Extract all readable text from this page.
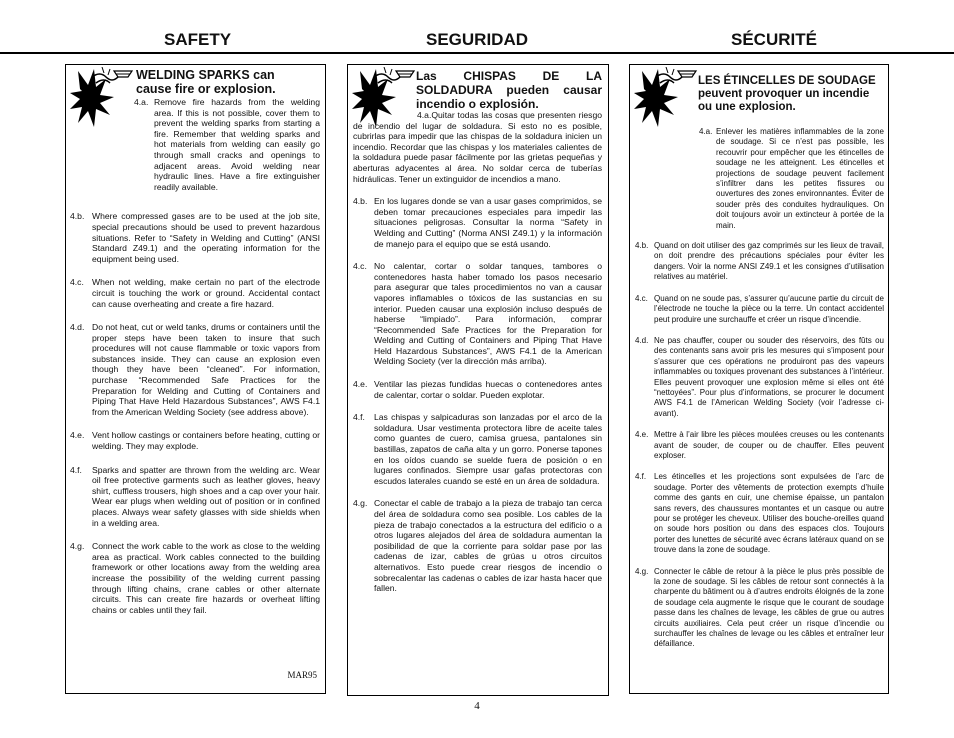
SAFETY	SEGURIDAD	SÉCURITÉ
WELDING SPARKS can cause fire or explosion.
4.a. Remove fire hazards from the welding area. If this is not possible, cover them to prevent the welding sparks from starting a fire. Remember that welding sparks and hot materials from welding can easily go through small cracks and openings to adjacent areas. Avoid welding near hydraulic lines. Have a fire extinguisher readily available.
4.b. Where compressed gases are to be used at the job site, special precautions should be used to prevent hazardous situations. Refer to “Safety in Welding and Cutting” (ANSI Standard Z49.1) and the operating information for the equipment being used.
4.c. When not welding, make certain no part of the electrode circuit is touching the work or ground. Accidental contact can cause overheating and create a fire hazard.
4.d. Do not heat, cut or weld tanks, drums or containers until the proper steps have been taken to insure that such procedures will not cause flammable or toxic vapors from substances inside. They can cause an explosion even though they have been “cleaned”. For information, purchase “Recommended Safe Practices for the Preparation for Welding and Cutting of Containers and Piping That Have Held Hazardous Substances”, AWS F4.1 from the American Welding Society (see address above).
4.e. Vent hollow castings or containers before heating, cutting or welding. They may explode.
4.f. Sparks and spatter are thrown from the welding arc. Wear oil free protective garments such as leather gloves, heavy shirt, cuffless trousers, high shoes and a cap over your hair. Wear ear plugs when welding out of position or in confined places. Always wear safety glasses with side shields when in a welding area.
4.g. Connect the work cable to the work as close to the welding area as practical. Work cables connected to the building framework or other locations away from the welding area increase the possibility of the welding current passing through lifting chains, crane cables or other alternate circuits. This can create fire hazards or overheat lifting chains or cables until they fail.
MAR95
Las CHISPAS DE LA SOLDADURA pueden causar incendio o explosión.
4.a.Quitar todas las cosas que presenten riesgo de incendio del lugar de soldadura. Si esto no es posible, cubrirlas para impedir que las chispas de la soldadura inicien un incendio. Recordar que las chispas y los materiales calientes de la soldadura puede pasar fácilmente por las grietas pequeñas y aberturas adyacentes al área. No soldar cerca de tuberías hidráulicas. Tener un extinguidor de incendios a mano.
4.b. En los lugares donde se van a usar gases comprimidos, se deben tomar precauciones especiales para impedir las situaciones peligrosas. Consultar la norma “Safety in Welding and Cutting” (Norma ANSI Z49.1) y la información de manejo para el equipo que se está usando.
4.c. No calentar, cortar o soldar tanques, tambores o contenedores hasta haber tomado los pasos necesario para asegurar que tales procedimientos no van a causar vapores inflamables o tóxicos de las sustancias en su interior. Pueden causar una explosión incluso después de haberse “limpiado”. Para información, comprar “Recommended Safe Practices for the Preparation for Welding and Cutting of Containers and Piping That Have Held Hazardous Substances”, AWS F4.1 de la American Welding Society (ver la dirección más arriba).
4.e. Ventilar las piezas fundidas huecas o contenedores antes de calentar, cortar o soldar. Pueden explotar.
4.f. Las chispas y salpicaduras son lanzadas por el arco de la soldadura. Usar vestimenta protectora libre de aceite tales como guantes de cuero, camisa gruesa, pantalones sin bastillas, zapatos de caña alta y un gorro. Ponerse tapones en los oídos cuando se suelde fuera de posición o en lugares confinados. Siempre usar gafas protectoras con escudos laterales cuando se esté en un área de soldadura.
4.g. Conectar el cable de trabajo a la pieza de trabajo tan cerca del área de soldadura como sea posible. Los cables de la pieza de trabajo conectados a la estructura del edificio o a otros lugares alejados del área de soldadura aumentan la posibilidad de que la corriente para soldar pase por las cadenas de izar, cables de grúas u otros circuitos alternativos. Esto puede crear riesgos de incendio o sobrecalentar las cadenas o cables de izar hasta hacer que fallen.
LES ÉTINCELLES DE SOUDAGE peuvent provoquer un incendie ou une explosion.
4.a. Enlever les matières inflammables de la zone de soudage. Si ce n’est pas possible, les recouvrir pour empêcher que les étincelles de soudage ne les atteignent. Les étincelles et projections de soudage peuvent facilement s’infiltrer dans les petites fissures ou ouvertures des zones environnantes. Éviter de souder près des conduites hydrauliques. On doit toujours avoir un extincteur à portée de la main.
4.b. Quand on doit utiliser des gaz comprimés sur les lieux de travail, on doit prendre des précautions spéciales pour éviter les dangers. Voir la norme ANSI Z49.1 et les consignes d’utilisation relatives au matériel.
4.c. Quand on ne soude pas, s’assurer qu’aucune partie du circuit de l’électrode ne touche la pièce ou la terre. Un contact accidentel peut produire une surchauffe et créer un risque d’incendie.
4.d. Ne pas chauffer, couper ou souder des réservoirs, des fûts ou des contenants sans avoir pris les mesures qui s’imposent pour s’assurer que ces opérations ne produiront pas des vapeurs inflammables ou toxiques provenant des substances à l’intérieur. Elles peuvent provoquer une explosion même si elles ont été “nettoyées”. Pour plus d’informations, se procurer le document AWS F4.1 de l’American Welding Society (voir l’adresse ci-avant).
4.e. Mettre à l’air libre les pièces moulées creuses ou les contenants avant de souder, de couper ou de chauffer. Elles peuvent exploser.
4.f. Les étincelles et les projections sont expulsées de l’arc de soudage. Porter des vêtements de protection exempts d’huile comme des gants en cuir, une chemise épaisse, un pantalon sans revers, des chaussures montantes et un casque ou autre pour se protéger les cheveux. Utiliser des bouche-oreilles quand on soude hors position ou dans des espaces clos. Toujours porter des lunettes de sécurité avec écrans latéraux quand on se trouve dans la zone de soudage.
4.g. Connecter le câble de retour à la pièce le plus près possible de la zone de soudage. Si les câbles de retour sont connectés à la charpente du bâtiment ou à d’autres endroits éloignés de la zone de soudage cela augmente le risque que le courant de soudage passe dans les chaînes de levage, les câbles de grue ou autres circuits auxiliaires. Cela peut créer un risque d’incendie ou surchauffer les chaînes de levage ou les câbles et entraîner leur défaillance.
4
